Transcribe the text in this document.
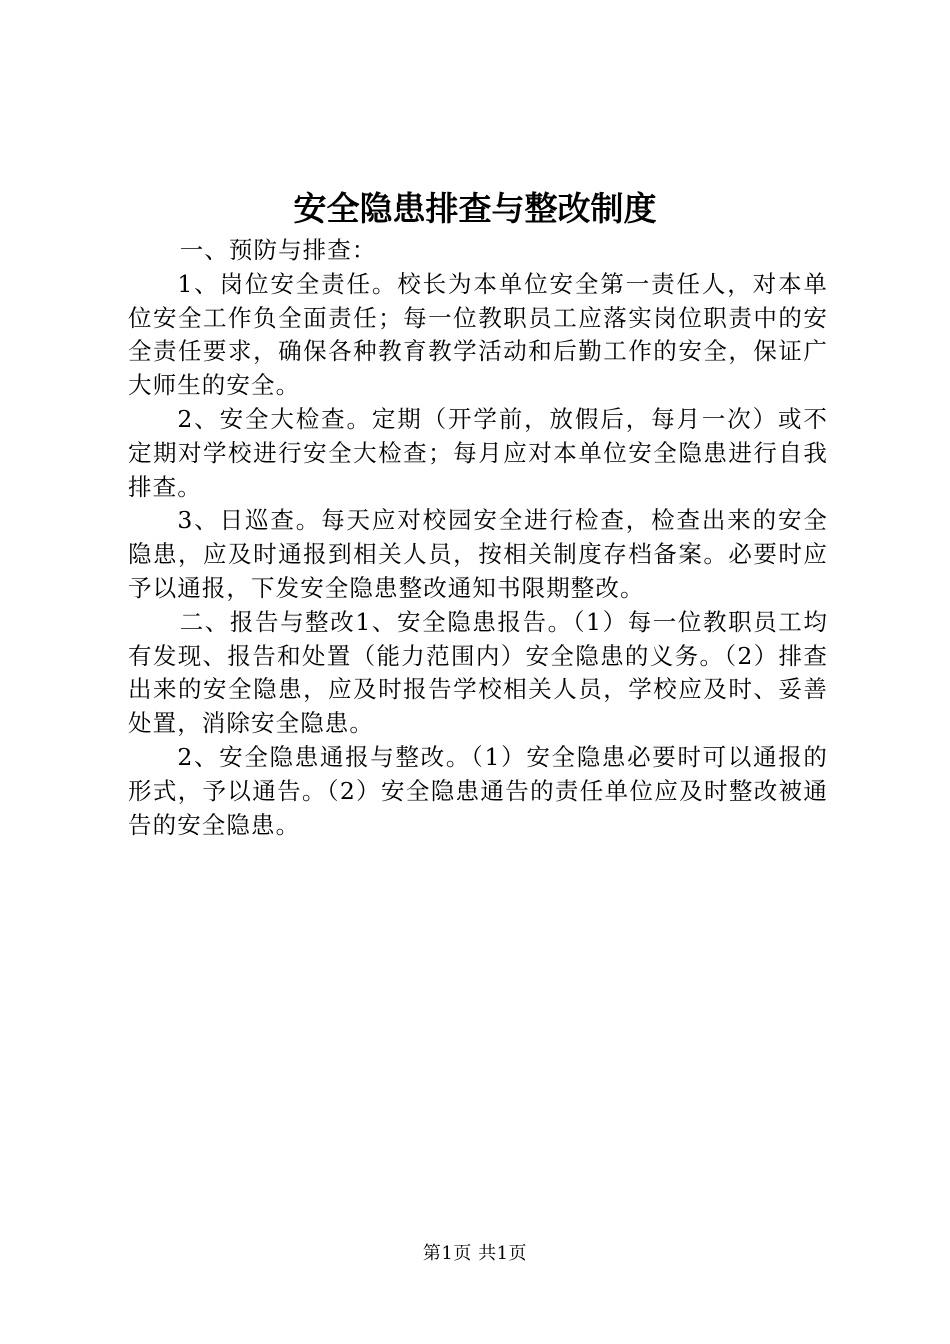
安全隐患排查与整改制度

一、预防与排查：

1、岗位安全责任。校长为本单位安全第一责任人，对本单位安全工作负全面责任；每一位教职员工应落实岗位职责中的安全责任要求，确保各种教育教学活动和后勤工作的安全，保证广大师生的安全。

2、安全大检查。定期（开学前，放假后，每月一次）或不定期对学校进行安全大检查；每月应对本单位安全隐患进行自我排查。

3、日巡查。每天应对校园安全进行检查，检查出来的安全隐患，应及时通报到相关人员，按相关制度存档备案。必要时应予以通报，下发安全隐患整改通知书限期整改。

二、报告与整改1、安全隐患报告。（1）每一位教职员工均有发现、报告和处置（能力范围内）安全隐患的义务。（2）排查出来的安全隐患，应及时报告学校相关人员，学校应及时、妥善处置，消除安全隐患。

2、安全隐患通报与整改。（1）安全隐患必要时可以通报的形式，予以通告。（2）安全隐患通告的责任单位应及时整改被通告的安全隐患。

第1页 共1页
